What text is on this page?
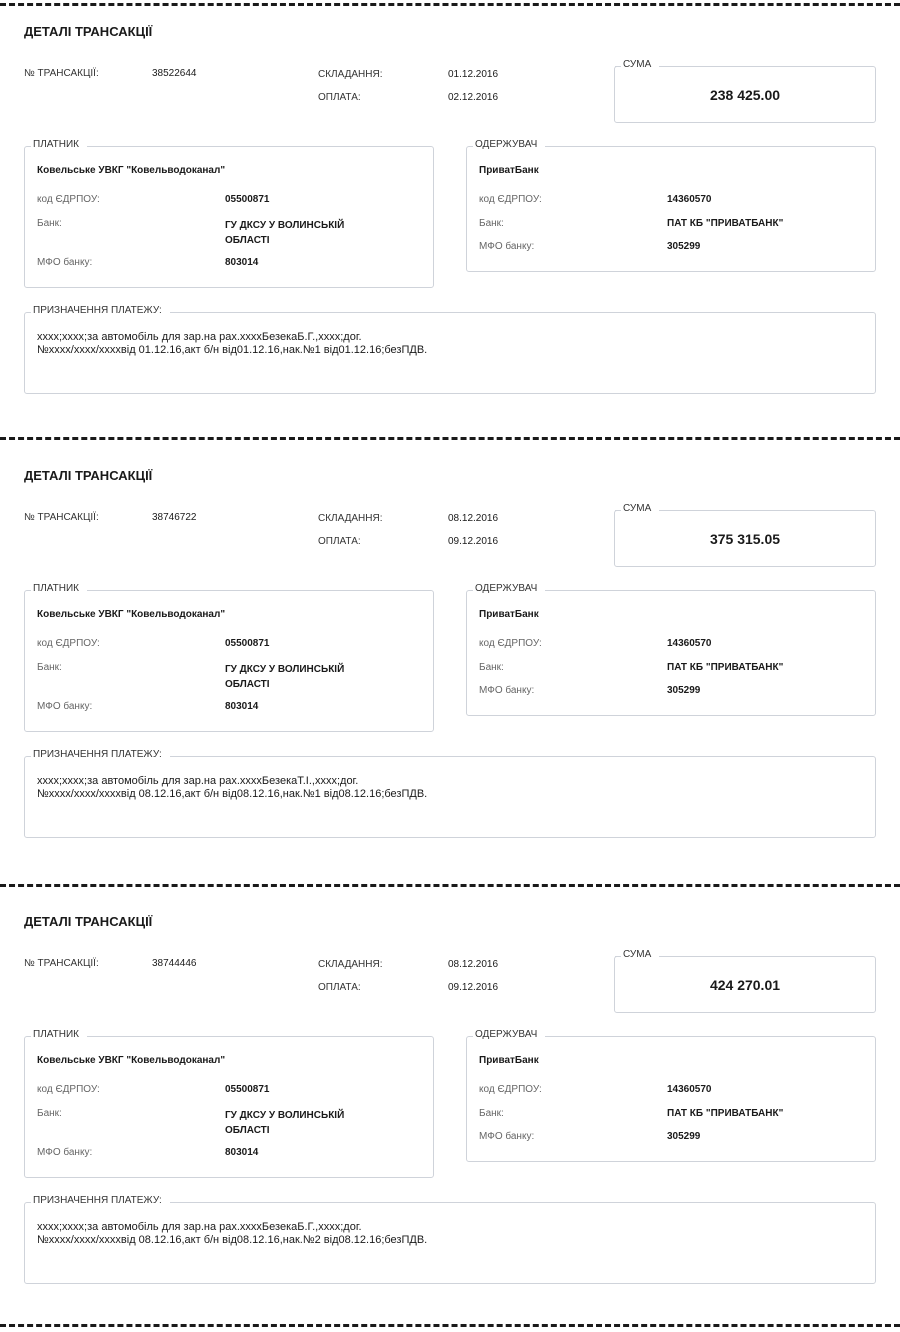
ДЕТАЛІ ТРАНСАКЦІЇ
№ ТРАНСАКЦІЇ:	38522644	СКЛАДАННЯ:	01.12.2016
ОПЛАТА:	02.12.2016
СУМА
238 425.00
ПЛАТНИК
Ковельське УВКГ "Ковельводоканал"
код ЄДРПОУ:	05500871
Банк:	ГУ ДКСУ У ВОЛИНСЬКІЙ ОБЛАСТІ
МФО банку:	803014
ОДЕРЖУВАЧ
ПриватБанк
код ЄДРПОУ:	14360570
Банк:	ПАТ КБ "ПРИВАТБАНК"
МФО банку:	305299
ПРИЗНАЧЕННЯ ПЛАТЕЖУ:
xxxx;xxxx;за автомобіль для зар.на рах.xxxxБезекаБ.Г.,xxxx;дог. №xxxx/xxxx/xxxxвід 01.12.16,акт б/н від01.12.16,нак.№1 від01.12.16;безПДВ.
ДЕТАЛІ ТРАНСАКЦІЇ
№ ТРАНСАКЦІЇ:	38746722	СКЛАДАННЯ:	08.12.2016
ОПЛАТА:	09.12.2016
СУМА
375 315.05
ПЛАТНИК
Ковельське УВКГ "Ковельводоканал"
код ЄДРПОУ:	05500871
Банк:	ГУ ДКСУ У ВОЛИНСЬКІЙ ОБЛАСТІ
МФО банку:	803014
ОДЕРЖУВАЧ
ПриватБанк
код ЄДРПОУ:	14360570
Банк:	ПАТ КБ "ПРИВАТБАНК"
МФО банку:	305299
ПРИЗНАЧЕННЯ ПЛАТЕЖУ:
xxxx;xxxx;за автомобіль для зар.на рах.xxxxБезекаТ.І.,xxxx;дог. №xxxx/xxxx/xxxxвід 08.12.16,акт б/н від08.12.16,нак.№1 від08.12.16;безПДВ.
ДЕТАЛІ ТРАНСАКЦІЇ
№ ТРАНСАКЦІЇ:	38744446	СКЛАДАННЯ:	08.12.2016
ОПЛАТА:	09.12.2016
СУМА
424 270.01
ПЛАТНИК
Ковельське УВКГ "Ковельводоканал"
код ЄДРПОУ:	05500871
Банк:	ГУ ДКСУ У ВОЛИНСЬКІЙ ОБЛАСТІ
МФО банку:	803014
ОДЕРЖУВАЧ
ПриватБанк
код ЄДРПОУ:	14360570
Банк:	ПАТ КБ "ПРИВАТБАНК"
МФО банку:	305299
ПРИЗНАЧЕННЯ ПЛАТЕЖУ:
xxxx;xxxx;за автомобіль для зар.на рах.xxxxБезекаБ.Г.,xxxx;дог. №xxxx/xxxx/xxxxвід 08.12.16,акт б/н від08.12.16,нак.№2 від08.12.16;безПДВ.
